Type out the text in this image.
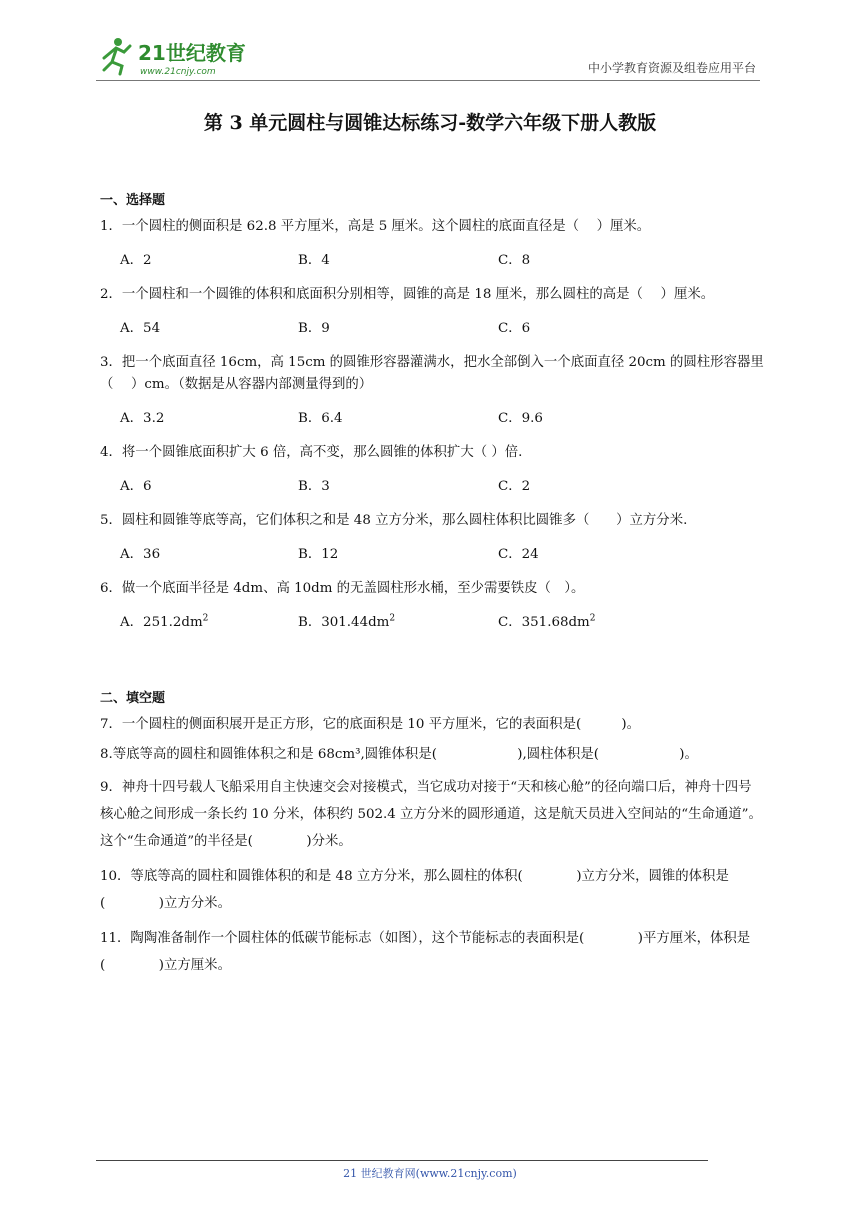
21世纪教育
www.21cnjy.com	中小学教育资源及组卷应用平台
第 3 单元圆柱与圆锥达标练习-数学六年级下册人教版
一、选择题
1．一个圆柱的侧面积是 62.8 平方厘米，高是 5 厘米。这个圆柱的底面直径是（　 ）厘米。
A．2	B．4	C．8
2．一个圆柱和一个圆锥的体积和底面积分别相等，圆锥的高是 18 厘米，那么圆柱的高是（　 ）厘米。
A．54	B．9	C．6
3．把一个底面直径 16cm，高 15cm 的圆锥形容器灌满水，把水全部倒入一个底面直径 20cm 的圆柱形容器里（　 ）cm。（数据是从容器内部测量得到的）
A．3.2	B．6.4	C．9.6
4．将一个圆锥底面积扩大 6 倍，高不变，那么圆锥的体积扩大（ ）倍.
A．6	B．3	C．2
5．圆柱和圆锥等底等高，它们体积之和是 48 立方分米，那么圆柱体积比圆锥多（　　）立方分米.
A．36	B．12	C．24
6．做一个底面半径是 4dm、高 10dm 的无盖圆柱形水桶，至少需要铁皮（　）。
A．$251.2dm^2$	B．$301.44dm^2$	C．$351.68dm^2$
二、填空题
7．一个圆柱的侧面积展开是正方形，它的底面积是 10 平方厘米，它的表面积是(　　　)。
8.等底等高的圆柱和圆锥体积之和是 68cm³,圆锥体积是(　　　　　　),圆柱体积是(　　　　　　)。
9．神舟十四号载人飞船采用自主快速交会对接模式，当它成功对接于“天和核心舱”的径向端口后，神舟十四号核心舱之间形成一条长约 10 分米，体积约 502.4 立方分米的圆形通道，这是航天员进入空间站的“生命通道”。这个“生命通道”的半径是(　　　　)分米。
10．等底等高的圆柱和圆锥体积的和是 48 立方分米，那么圆柱的体积(　　　　)立方分米，圆锥的体积是(　　　　)立方分米。
11．陶陶准备制作一个圆柱体的低碳节能标志（如图），这个节能标志的表面积是(　　　　)平方厘米，体积是(　　　　)立方厘米。
21 世纪教育网(www.21cnjy.com)
